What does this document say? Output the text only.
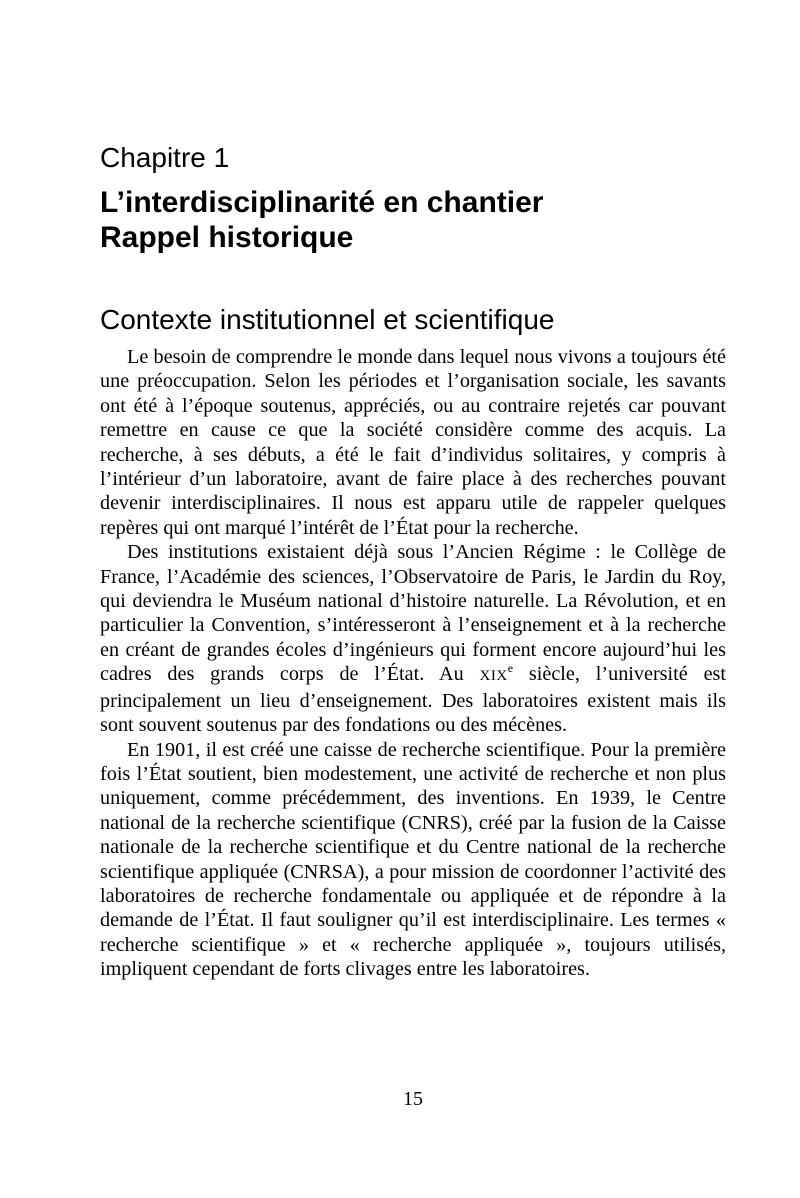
Chapitre 1
L’interdisciplinarité en chantier
Rappel historique
Contexte institutionnel et scientifique

Le besoin de comprendre le monde dans lequel nous vivons a toujours été une préoccupation. Selon les périodes et l’organisation sociale, les savants ont été à l’époque soutenus, appréciés, ou au contraire rejetés car pouvant remettre en cause ce que la société considère comme des acquis. La recherche, à ses débuts, a été le fait d’individus solitaires, y compris à l’intérieur d’un laboratoire, avant de faire place à des recherches pouvant devenir interdisciplinaires. Il nous est apparu utile de rappeler quelques repères qui ont marqué l’intérêt de l’État pour la recherche.

Des institutions existaient déjà sous l’Ancien Régime : le Collège de France, l’Académie des sciences, l’Observatoire de Paris, le Jardin du Roy, qui deviendra le Muséum national d’histoire naturelle. La Révolution, et en particulier la Convention, s’intéresseront à l’enseignement et à la recherche en créant de grandes écoles d’ingénieurs qui forment encore aujourd’hui les cadres des grands corps de l’État. Au XIXe siècle, l’université est principalement un lieu d’enseignement. Des laboratoires existent mais ils sont souvent soutenus par des fondations ou des mécènes.

En 1901, il est créé une caisse de recherche scientifique. Pour la première fois l’État soutient, bien modestement, une activité de recherche et non plus uniquement, comme précédemment, des inventions. En 1939, le Centre national de la recherche scientifique (CNRS), créé par la fusion de la Caisse nationale de la recherche scientifique et du Centre national de la recherche scientifique appliquée (CNRSA), a pour mission de coordonner l’activité des laboratoires de recherche fondamentale ou appliquée et de répondre à la demande de l’État. Il faut souligner qu’il est interdisciplinaire. Les termes « recherche scientifique » et « recherche appliquée », toujours utilisés, impliquent cependant de forts clivages entre les laboratoires.

15
